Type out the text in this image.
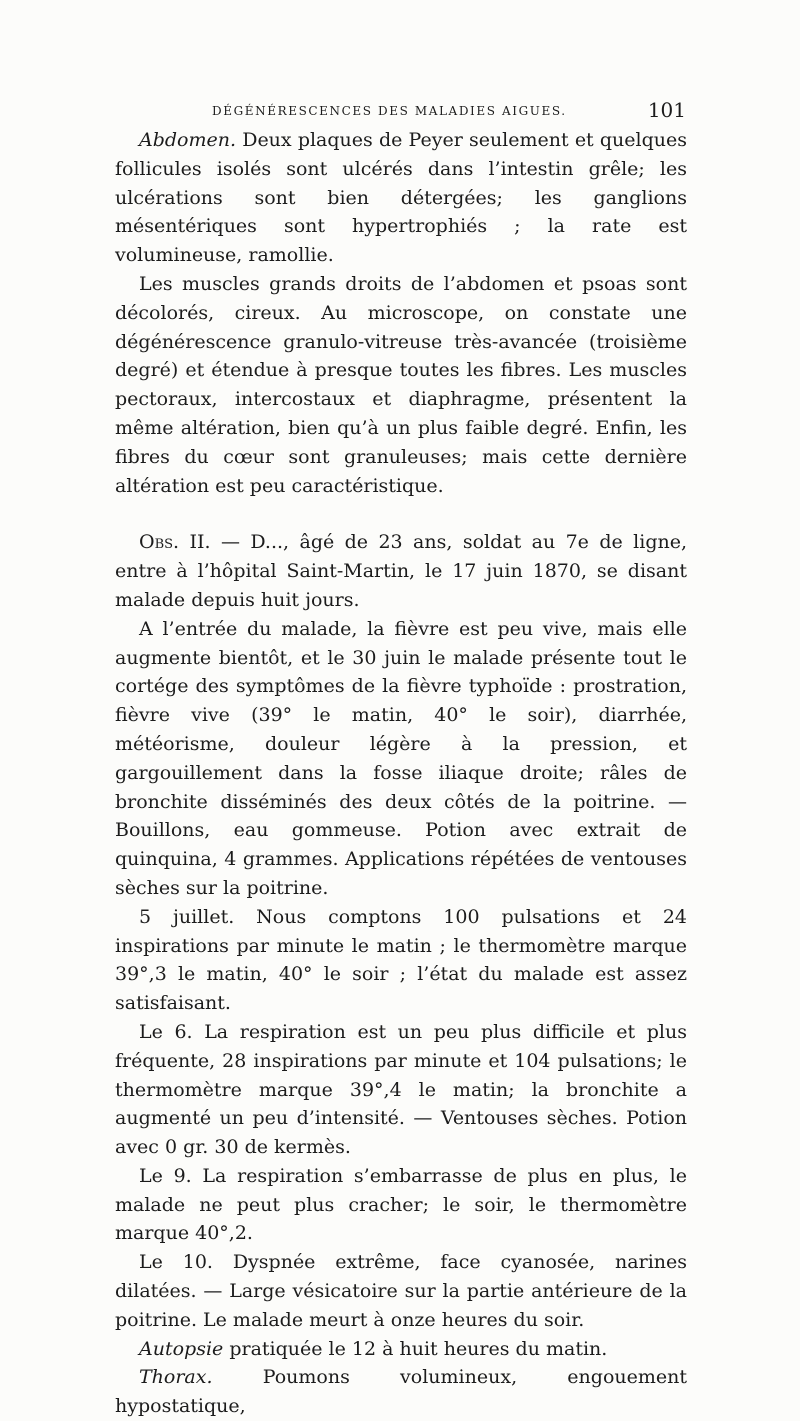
DÉGÉNÉRESCENCES DES MALADIES AIGUES.	101

Abdomen. Deux plaques de Peyer seulement et quelques follicules isolés sont ulcérés dans l’intestin grêle; les ulcérations sont bien détergées; les ganglions mésentériques sont hypertrophiés ; la rate est volumineuse, ramollie.

Les muscles grands droits de l’abdomen et psoas sont décolorés, cireux. Au microscope, on constate une dégénérescence granulo-vitreuse très-avancée (troisième degré) et étendue à presque toutes les fibres. Les muscles pectoraux, intercostaux et diaphragme, présentent la même altération, bien qu’à un plus faible degré. Enfin, les fibres du cœur sont granuleuses; mais cette dernière altération est peu caractéristique.

Obs. II. — D..., âgé de 23 ans, soldat au 7e de ligne, entre à l’hôpital Saint-Martin, le 17 juin 1870, se disant malade depuis huit jours.

A l’entrée du malade, la fièvre est peu vive, mais elle augmente bientôt, et le 30 juin le malade présente tout le cortége des symptômes de la fièvre typhoïde : prostration, fièvre vive (39° le matin, 40° le soir), diarrhée, météorisme, douleur légère à la pression, et gargouillement dans la fosse iliaque droite; râles de bronchite disséminés des deux côtés de la poitrine. — Bouillons, eau gommeuse. Potion avec extrait de quinquina, 4 grammes. Applications répétées de ventouses sèches sur la poitrine.

5 juillet. Nous comptons 100 pulsations et 24 inspirations par minute le matin ; le thermomètre marque 39°,3 le matin, 40° le soir ; l’état du malade est assez satisfaisant.

Le 6. La respiration est un peu plus difficile et plus fréquente, 28 inspirations par minute et 104 pulsations; le thermomètre marque 39°,4 le matin; la bronchite a augmenté un peu d’intensité. — Ventouses sèches. Potion avec 0 gr. 30 de kermès.

Le 9. La respiration s’embarrasse de plus en plus, le malade ne peut plus cracher; le soir, le thermomètre marque 40°,2.

Le 10. Dyspnée extrême, face cyanosée, narines dilatées. — Large vésicatoire sur la partie antérieure de la poitrine. Le malade meurt à onze heures du soir.

Autopsie pratiquée le 12 à huit heures du matin.

Thorax. Poumons volumineux, engouement hypostatique,
